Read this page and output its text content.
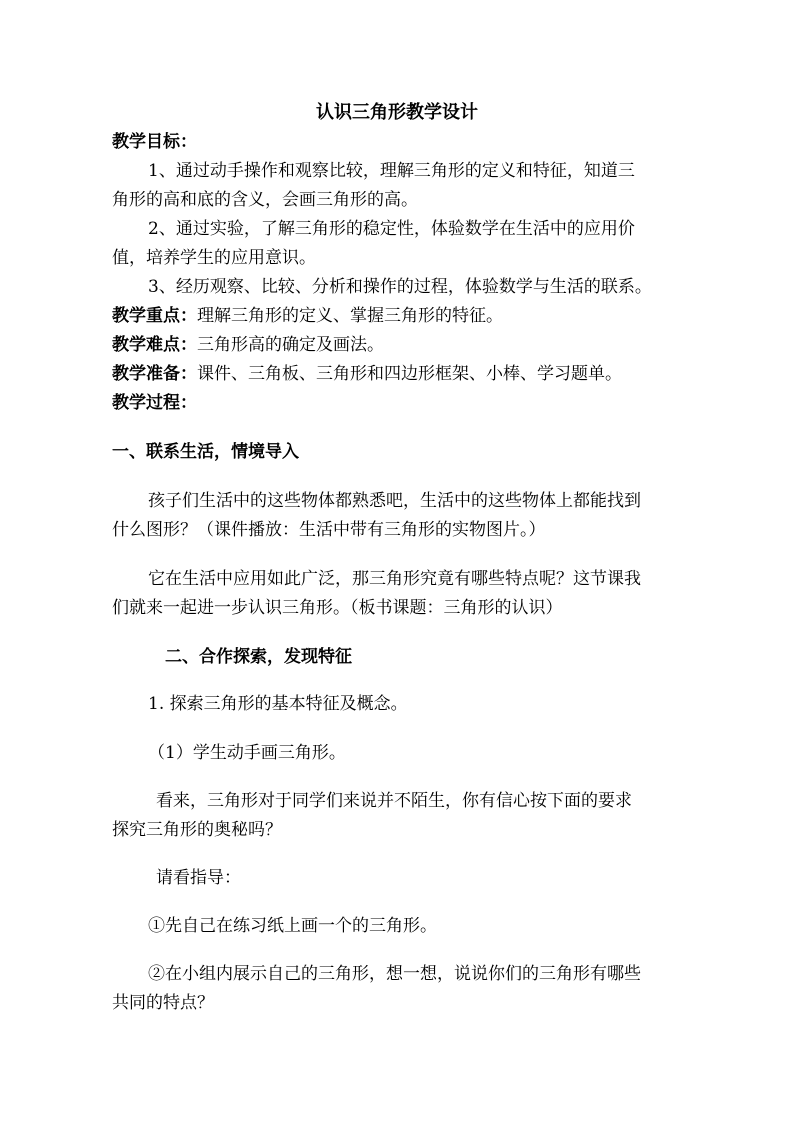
认识三角形教学设计
教学目标：
1、通过动手操作和观察比较，理解三角形的定义和特征，知道三
角形的高和底的含义，会画三角形的高。
2、通过实验，了解三角形的稳定性，体验数学在生活中的应用价
值，培养学生的应用意识。
3、经历观察、比较、分析和操作的过程，体验数学与生活的联系。
教学重点：理解三角形的定义、掌握三角形的特征。
教学难点：三角形高的确定及画法。
教学准备：课件、三角板、三角形和四边形框架、小棒、学习题单。
教学过程：
一、联系生活，情境导入
孩子们生活中的这些物体都熟悉吧，生活中的这些物体上都能找到
什么图形？（课件播放：生活中带有三角形的实物图片。）
它在生活中应用如此广泛，那三角形究竟有哪些特点呢？这节课我
们就来一起进一步认识三角形。（板书课题：三角形的认识）
二、合作探索，发现特征
1. 探索三角形的基本特征及概念。
（1）学生动手画三角形。
看来，三角形对于同学们来说并不陌生，你有信心按下面的要求
探究三角形的奥秘吗？
请看指导：
①先自己在练习纸上画一个的三角形。
②在小组内展示自己的三角形，想一想，说说你们的三角形有哪些
共同的特点？
